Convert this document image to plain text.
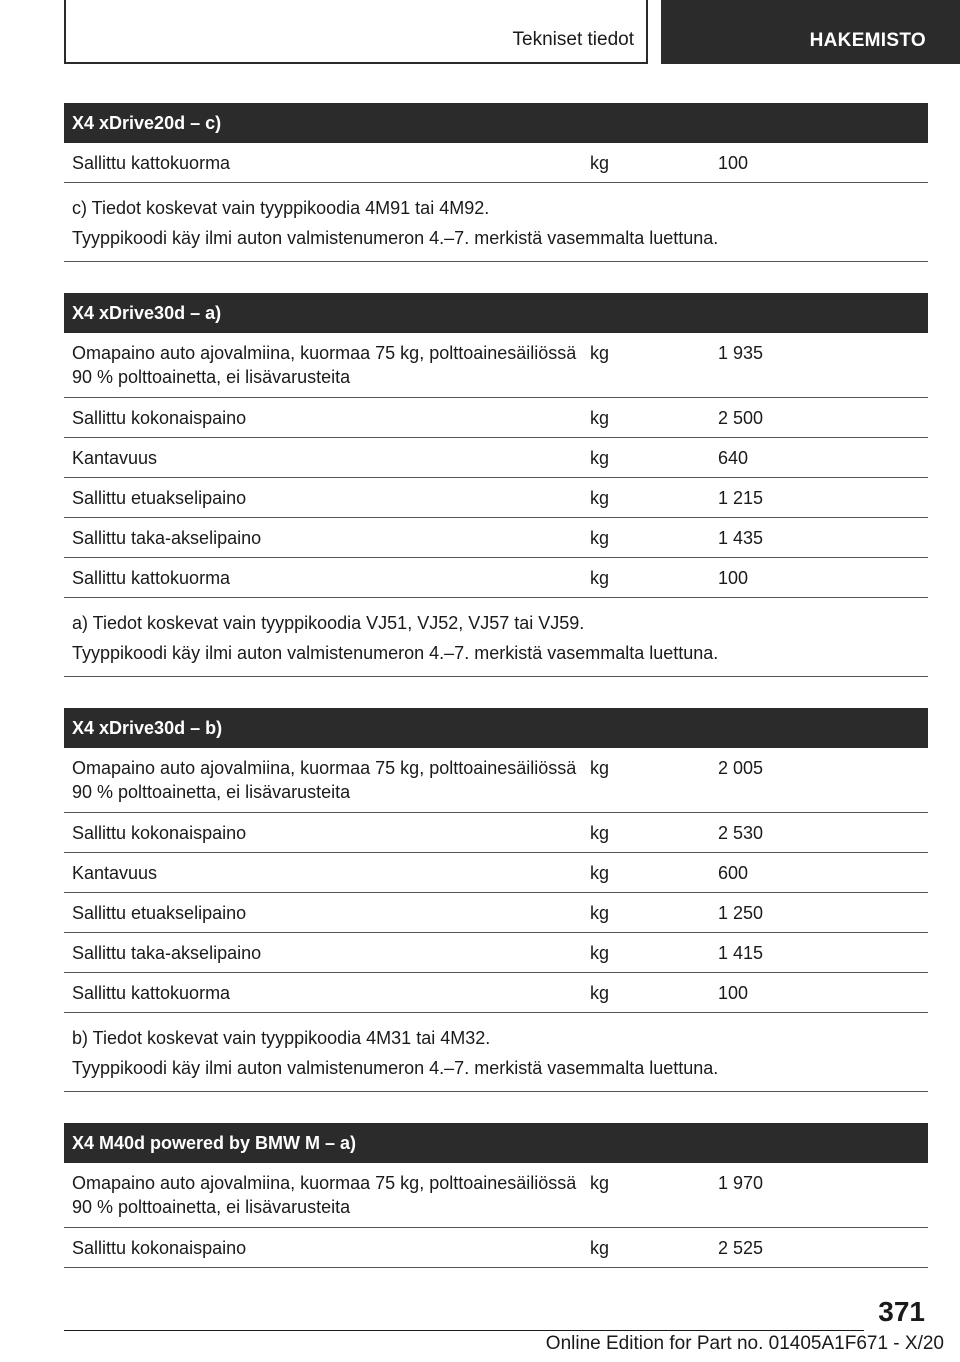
Tekniset tiedot	HAKEMISTO
X4 xDrive20d – c)
Sallittu kattokuorma	kg	100
c) Tiedot koskevat vain tyyppikoodia 4M91 tai 4M92.
Tyyppikoodi käy ilmi auton valmistenumeron 4.–7. merkistä vasemmalta luettuna.
X4 xDrive30d – a)
Omapaino auto ajovalmiina, kuormaa 75 kg, polttoainesäiliössä 90 % polttoainetta, ei lisävarusteita
kg	1 935
Sallittu kokonaispaino	kg	2 500
Kantavuus	kg	640
Sallittu etuakselipaino	kg	1 215
Sallittu taka-akselipaino	kg	1 435
Sallittu kattokuorma	kg	100
a) Tiedot koskevat vain tyyppikoodia VJ51, VJ52, VJ57 tai VJ59.
Tyyppikoodi käy ilmi auton valmistenumeron 4.–7. merkistä vasemmalta luettuna.
X4 xDrive30d – b)
Omapaino auto ajovalmiina, kuormaa 75 kg, polttoainesäiliössä 90 % polttoainetta, ei lisävarusteita
kg	2 005
Sallittu kokonaispaino	kg	2 530
Kantavuus	kg	600
Sallittu etuakselipaino	kg	1 250
Sallittu taka-akselipaino	kg	1 415
Sallittu kattokuorma	kg	100
b) Tiedot koskevat vain tyyppikoodia 4M31 tai 4M32.
Tyyppikoodi käy ilmi auton valmistenumeron 4.–7. merkistä vasemmalta luettuna.
X4 M40d powered by BMW M – a)
Omapaino auto ajovalmiina, kuormaa 75 kg, polttoainesäiliössä 90 % polttoainetta, ei lisävarusteita
kg	1 970
Sallittu kokonaispaino	kg	2 525
371
Online Edition for Part no. 01405A1F671 - X/20
